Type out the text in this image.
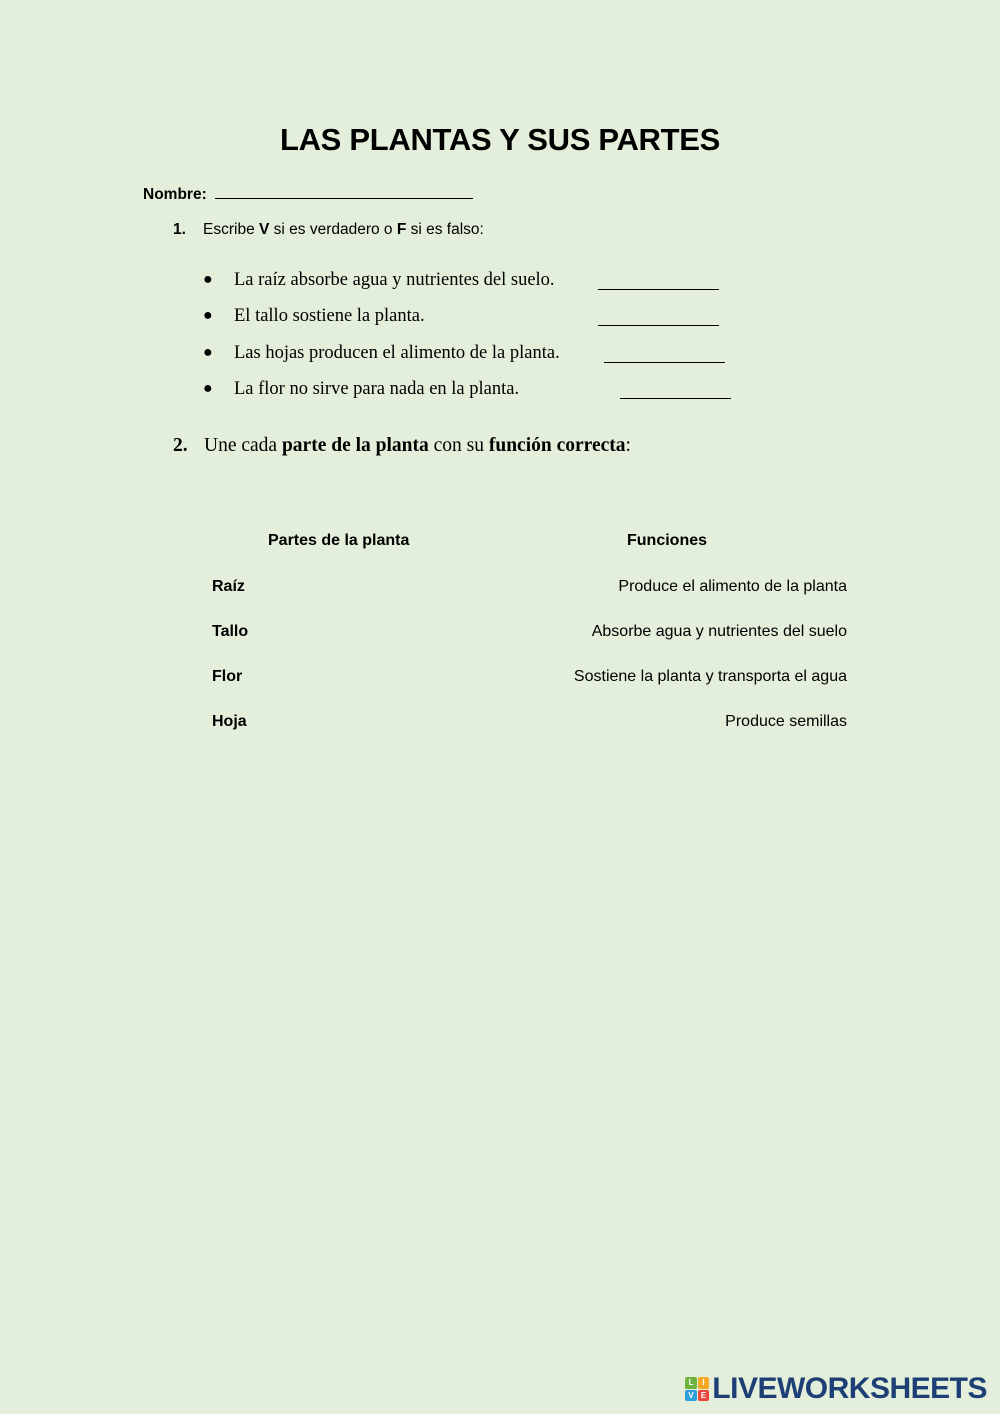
LAS PLANTAS Y SUS PARTES
Nombre:
1. Escribe V si es verdadero o F si es falso:
● La raíz absorbe agua y nutrientes del suelo.
● El tallo sostiene la planta.
● Las hojas producen el alimento de la planta.
● La flor no sirve para nada en la planta.
2. Une cada parte de la planta con su función correcta:
Partes de la planta	Funciones
Raíz
Tallo
Flor
Hoja
Produce el alimento de la planta
Absorbe agua y nutrientes del suelo
Sostiene la planta y transporta el agua
Produce semillas
L	I
V E LIVEWORKSHEETS
